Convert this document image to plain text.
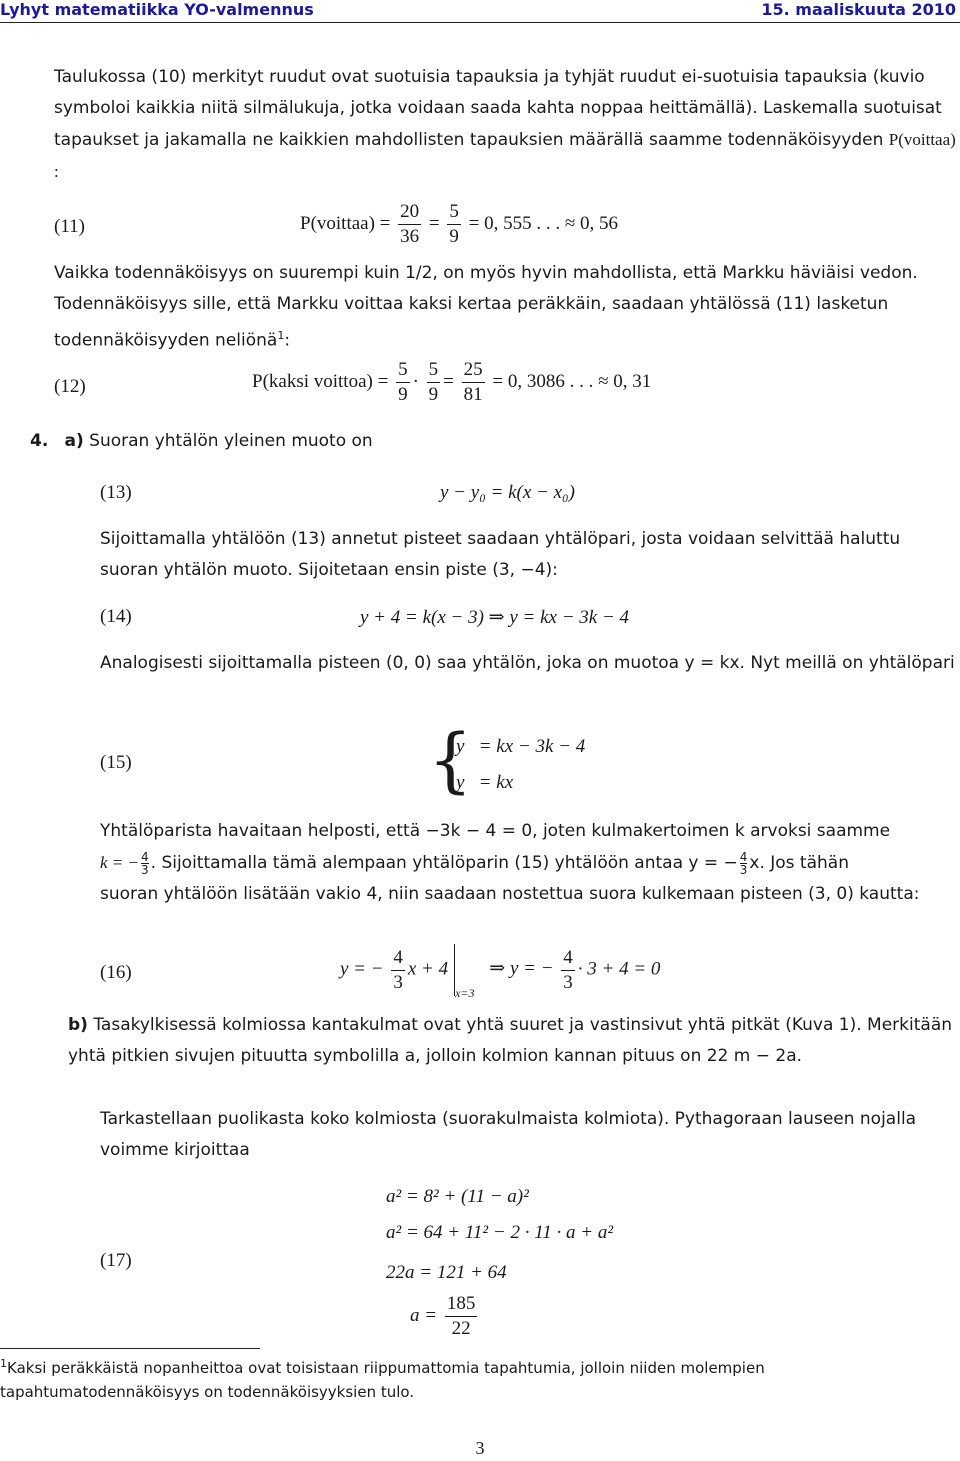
Lyhyt matematiikka YO-valmennus	15. maaliskuuta 2010
Taulukossa (10) merkityt ruudut ovat suotuisia tapauksia ja tyhjät ruudut ei-suotuisia tapauksia (kuvio symboloi kaikkia niitä silmälukuja, jotka voidaan saada kahta noppaa heittämällä). Laskemalla suotuisat tapaukset ja jakamalla ne kaikkien mahdollisten tapauksien määrällä saamme todennäköisyyden P(voittaa) :
(11)	P(voittaa) = $\frac{20}{36} = \frac{5}{9} = 0$, 555 . . . ≈ 0, 56
Vaikka todennäköisyys on suurempi kuin 1/2, on myös hyvin mahdollista, että Markku häviäisi vedon. Todennäköisyys sille, että Markku voittaa kaksi kertaa peräkkäin, saadaan yhtälössä (11) lasketun todennäköisyyden neliönä$^1$:
(12)	P(kaksi voittoa) = $\frac{5}{9} \cdot \frac{5}{9} = \frac{25}{81} = 0$, 3086 . . . ≈ 0, 31
4. a) Suoran yhtälön yleinen muoto on
(13)	y − y₀ = k(x − x₀)
Sijoittamalla yhtälöön (13) annetut pisteet saadaan yhtälöpari, josta voidaan selvittää haluttu suoran yhtälön muoto. Sijoitetaan ensin piste (3, −4):
(14)	y + 4 = k(x − 3) ⇒ y = kx − 3k − 4
Analogisesti sijoittamalla pisteen (0, 0) saa yhtälön, joka on muotoa y = kx. Nyt meillä on yhtälöpari
(15)	{
y   = kx − 3k − 4
y   = kx
Yhtälöparista havaitaan helposti, että −3k − 4 = 0, joten kulmakertoimen k arvoksi saamme
k = − $\frac{4}{3}$ . Sijoittamalla tämä alempaan yhtälöparin (15) yhtälöön antaa y = − $\frac{4}{3} x$. Jos tähän
suoran yhtälöön lisätään vakio 4, niin saadaan nostettua suora kulkemaan pisteen (3, 0) kautta:
(16)	y = − $\frac{4}{3}$ $x + 4_{x=3}$ ⇒ y = − $\frac{4}{3} \cdot 3 + 4 = 0$
b) Tasakylkisessä kolmiossa kantakulmat ovat yhtä suuret ja vastinsivut yhtä pitkät (Kuva 1). Merkitään yhtä pitkien sivujen pituutta symbolilla a, jolloin kolmion kannan pituus on 22 m − 2a.
Tarkastellaan puolikasta koko kolmiosta (suorakulmaista kolmiota). Pythagoraan lauseen nojalla voimme kirjoittaa
(17)
a² = 8² + (11 − a)²
a² = 64 + 11² − 2 · 11 · a + a²
22a = 121 + 64
$a = \frac{185}{22}$
$^1$Kaksi peräkkäistä nopanheittoa ovat toisistaan riippumattomia tapahtumia, jolloin niiden molempien tapahtumatodennäköisyys on todennäköisyyksien tulo.
3
